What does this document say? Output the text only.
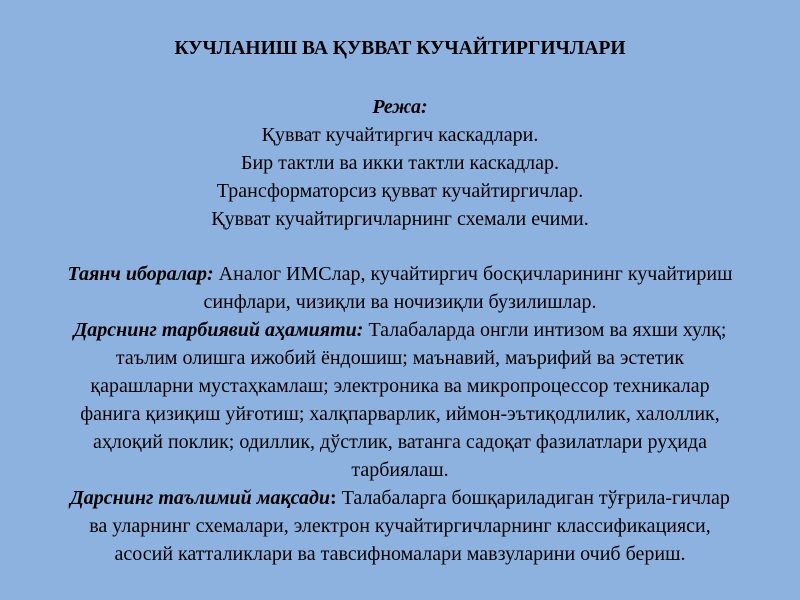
КУЧЛАНИШ ВА ҚУВВАТ КУЧАЙТИРГИЧЛАРИ
Режа:
Қувват кучайтиргич каскадлари.
Бир тактли ва икки тактли каскадлар.
Трансформаторсиз қувват кучайтиргичлар.
Қувват кучайтиргичларнинг схемали ечими.
Таянч иборалар: Аналог ИМСлар, кучайтиргич босқичларининг кучайтириш
синфлари, чизиқли ва ночизиқли бузилишлар.
Дарснинг тарбиявий аҳамияти: Талабаларда онгли интизом ва яхши хулқ;
таълим олишга ижобий ёндошиш; маънавий, маърифий ва эстетик
қарашларни мустаҳкамлаш; электроника ва микропроцессор техникалар
фанига қизиқиш уйғотиш; халқпарварлик, иймон-эътиқодлилик, халоллик,
аҳлоқий поклик; одиллик, дўстлик, ватанга садоқат фазилатлари руҳида
тарбиялаш.
Дарснинг таълимий мақсади: Талабаларга бошқариладиган тўғрила-гичлар
ва уларнинг схемалари, электрон кучайтиргичларнинг классификацияси,
асосий катталиклари ва тавсифномалари мавзуларини очиб бериш.
